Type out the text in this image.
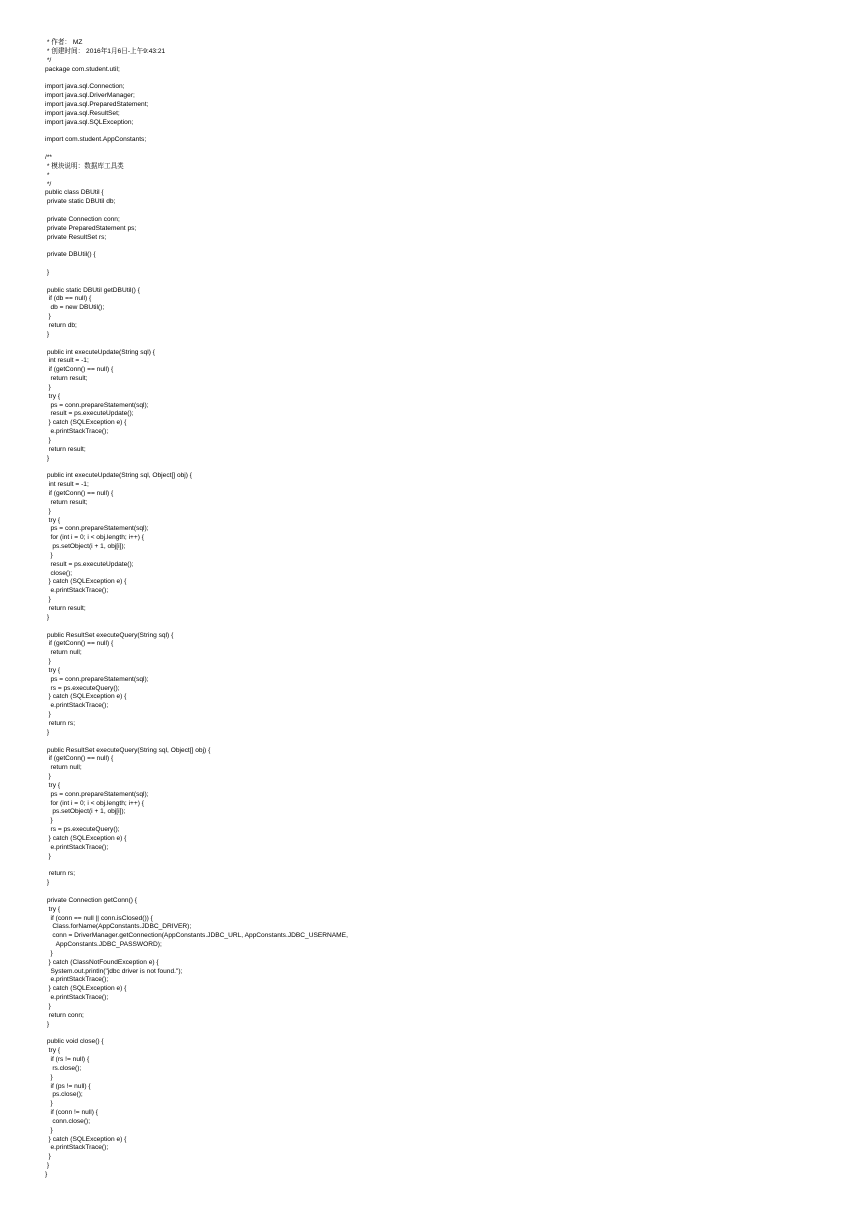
* 作者： MZ
* 创建时间： 2016年1月6日-上午9:43:21
*/
package com.student.util;
import java.sql.Connection;
import java.sql.DriverManager;
import java.sql.PreparedStatement;
import java.sql.ResultSet;
import java.sql.SQLException;
import com.student.AppConstants;
/**
* 模块说明：数据库工具类
*
*/
public class DBUtil {
private static DBUtil db;
private Connection conn;
private PreparedStatement ps;
private ResultSet rs;
private DBUtil() {
}
public static DBUtil getDBUtil() {
if (db == null) {
db = new DBUtil();
}
return db;
}
public int executeUpdate(String sql) {
int result = -1;
if (getConn() == null) {
return result;
}
try {
ps = conn.prepareStatement(sql);
result = ps.executeUpdate();
} catch (SQLException e) {
e.printStackTrace();
}
return result;
}
public int executeUpdate(String sql, Object[] obj) {
int result = -1;
if (getConn() == null) {
return result;
}
try {
ps = conn.prepareStatement(sql);
for (int i = 0; i < obj.length; i++) {
ps.setObject(i + 1, obj[i]);
}
result = ps.executeUpdate();
close();
} catch (SQLException e) {
e.printStackTrace();
}
return result;
}
public ResultSet executeQuery(String sql) {
if (getConn() == null) {
return null;
}
try {
ps = conn.prepareStatement(sql);
rs = ps.executeQuery();
} catch (SQLException e) {
e.printStackTrace();
}
return rs;
}
public ResultSet executeQuery(String sql, Object[] obj) {
if (getConn() == null) {
return null;
}
try {
ps = conn.prepareStatement(sql);
for (int i = 0; i < obj.length; i++) {
ps.setObject(i + 1, obj[i]);
}
rs = ps.executeQuery();
} catch (SQLException e) {
e.printStackTrace();
}
return rs;
}
private Connection getConn() {
try {
if (conn == null || conn.isClosed()) {
Class.forName(AppConstants.JDBC_DRIVER);
conn = DriverManager.getConnection(AppConstants.JDBC_URL, AppConstants.JDBC_USERNAME,
AppConstants.JDBC_PASSWORD);
}
} catch (ClassNotFoundException e) {
System.out.println("jdbc driver is not found.");
e.printStackTrace();
} catch (SQLException e) {
e.printStackTrace();
}
return conn;
}
public void close() {
try {
if (rs != null) {
rs.close();
}
if (ps != null) {
ps.close();
}
if (conn != null) {
conn.close();
}
} catch (SQLException e) {
e.printStackTrace();
}
}
}
